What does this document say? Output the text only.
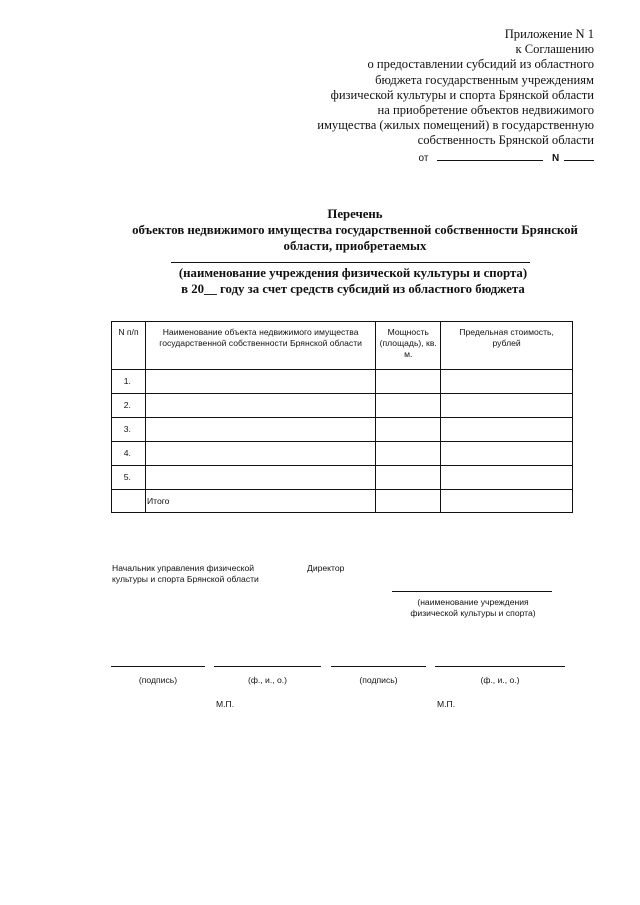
Приложение N 1
к Соглашению
о предоставлении субсидий из областного
бюджета государственным учреждениям
физической культуры и спорта Брянской области
на приобретение объектов недвижимого
имущества (жилых помещений) в государственную
собственность Брянской области
от	N
Перечень
объектов недвижимого имущества государственной собственности Брянской
области, приобретаемых
(наименование учреждения физической культуры и спорта)
в 20__ году за счет средств субсидий из областного бюджета
N п/п	Наименование объекта недвижимого имущества государственной собственности Брянской области	Мощность (площадь), кв. м.	Предельная стоимость, рублей
1.			
2.			
3.			
4.			
5.			
	Итого		
Начальник управления физической
культуры и спорта Брянской области
Директор
(наименование учреждения
физической культуры и спорта)
(подпись)	(ф., и., о.)	(подпись)	(ф., и., о.)
М.П.	М.П.
